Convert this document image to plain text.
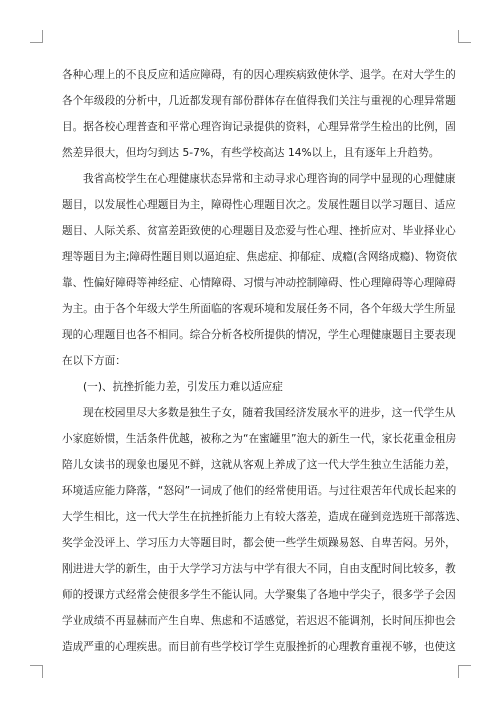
各种心理上的不良反应和适应障碍，有的因心理疾病致使休学、退学。在对大学生的
各个年级段的分析中，几近都发现有部份群体存在值得我们关注与重视的心理异常题
目。据各校心理普查和平常心理咨询记录提供的资料，心理异常学生检出的比例，固
然差异很大，但均匀到达 5-7%，有些学校高达 14%以上，且有逐年上升趋势。
我省高校学生在心理健康状态异常和主动寻求心理咨询的同学中显现的心理健康
题目，以发展性心理题目为主，障碍性心理题目次之。发展性题目以学习题目、适应
题目、人际关系、贫富差距致使的心理题目及恋爱与性心理、挫折应对、毕业择业心
理等题目为主;障碍性题目则以逼迫症、焦虑症、抑郁症、成瘾(含网络成瘾)、物资依
靠、性偏好障碍等神经症、心情障碍、习惯与冲动控制障碍、性心理障碍等心理障碍
为主。由于各个年级大学生所面临的客观环境和发展任务不同，各个年级大学生所显
现的心理题目也各不相同。综合分析各校所提供的情况，学生心理健康题目主要表现
在以下方面：
(一)、抗挫折能力差，引发压力难以适应症
现在校园里尽大多数是独生子女，随着我国经济发展水平的进步，这一代学生从
小家庭娇惯，生活条件优越，被称之为“在蜜罐里”泡大的新生一代，家长花重金租房
陪儿女读书的现象也屡见不鲜，这就从客观上养成了这一代大学生独立生活能力差，
环境适应能力降落，“怒闷”一词成了他们的经常使用语。与过往艰苦年代成长起来的
大学生相比，这一代大学生在抗挫折能力上有较大落差，造成在碰到竞选班干部落选、
奖学金没评上、学习压力大等题目时，都会使一些学生烦躁易怒、自卑苦闷。另外，
刚进进大学的新生，由于大学学习方法与中学有很大不同，自由支配时间比较多，教
师的授课方式经常会使很多学生不能认同。大学聚集了各地中学尖子，很多学子会因
学业成绩不再显赫而产生自卑、焦虑和不适感觉，若迟迟不能调剂，长时间压抑也会
造成严重的心理疾患。而目前有些学校订学生克服挫折的心理教育重视不够，也使这
